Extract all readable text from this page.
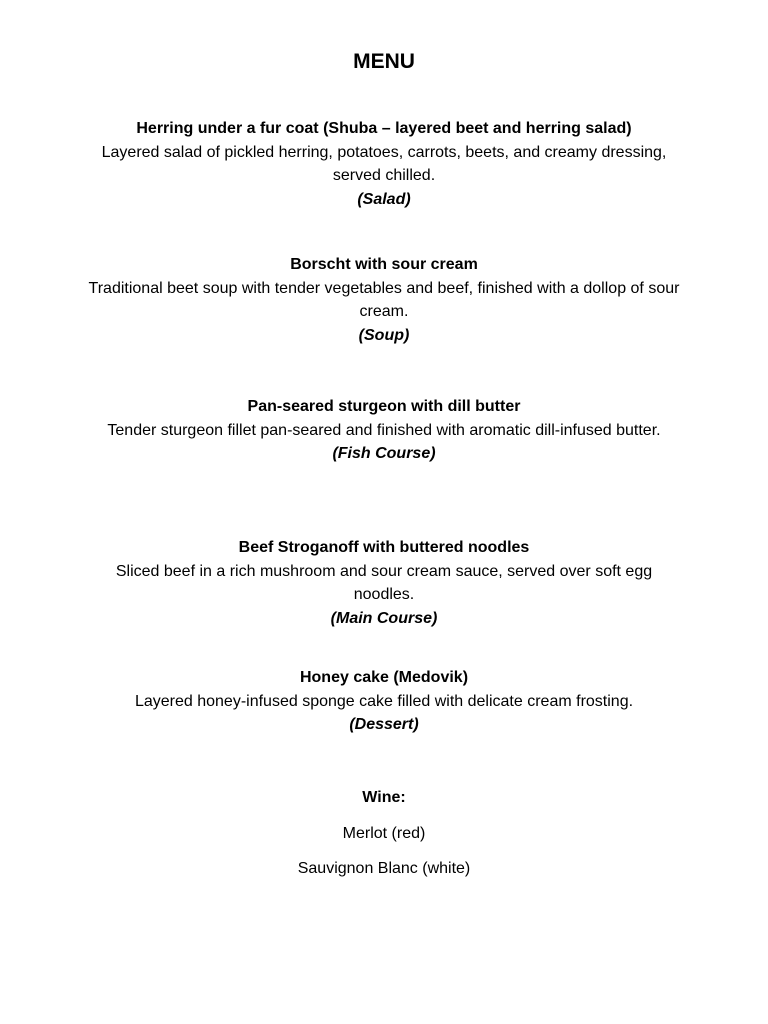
MENU
Herring under a fur coat (Shuba – layered beet and herring salad)
Layered salad of pickled herring, potatoes, carrots, beets, and creamy dressing, served chilled.
(Salad)
Borscht with sour cream
Traditional beet soup with tender vegetables and beef, finished with a dollop of sour cream.
(Soup)
Pan-seared sturgeon with dill butter
Tender sturgeon fillet pan-seared and finished with aromatic dill-infused butter.
(Fish Course)
Beef Stroganoff with buttered noodles
Sliced beef in a rich mushroom and sour cream sauce, served over soft egg noodles.
(Main Course)
Honey cake (Medovik)
Layered honey-infused sponge cake filled with delicate cream frosting.
(Dessert)
Wine:
Merlot (red)
Sauvignon Blanc (white)
